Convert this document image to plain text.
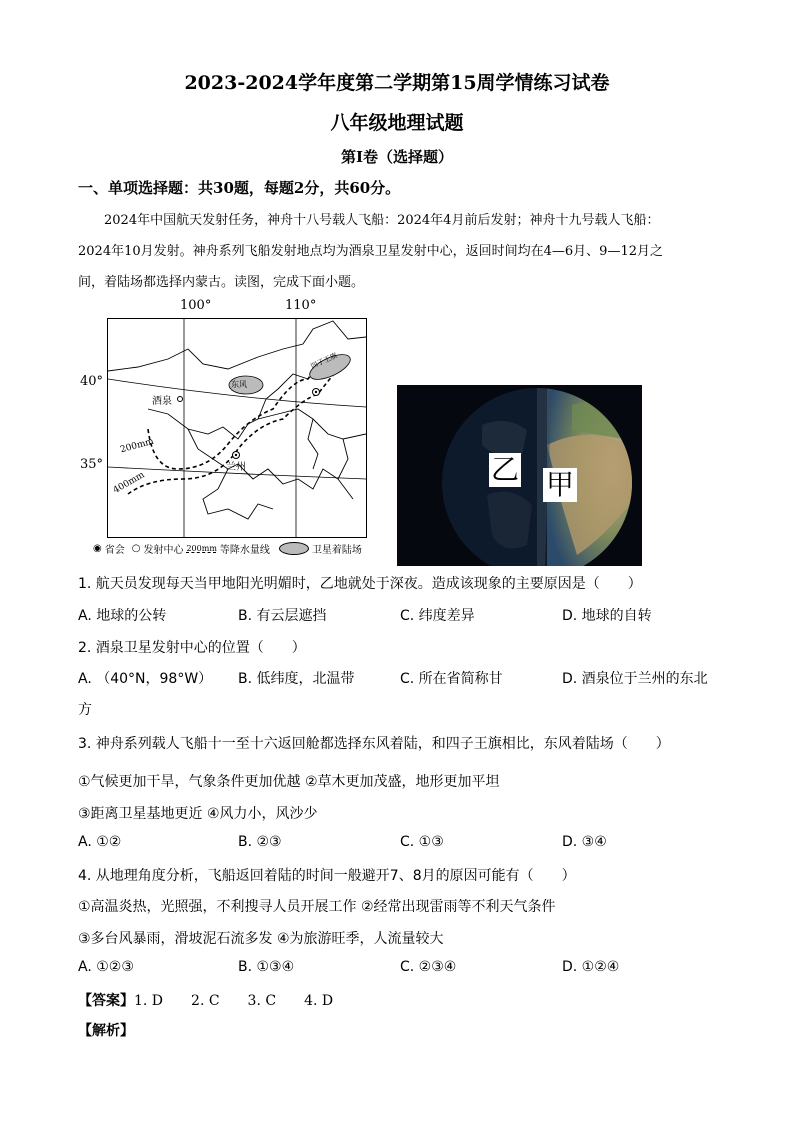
2023-2024学年度第二学期第15周学情练习试卷
八年级地理试题
第Ⅰ卷（选择题）
一、单项选择题：共30题，每题2分，共60分。
2024年中国航天发射任务，神舟十八号载人飞船：2024年4月前后发射；神舟十九号载人飞船：
2024年10月发射。神舟系列飞船发射地点均为酒泉卫星发射中心，返回时间均在4—6月、9—12月之
间，着陆场都选择内蒙古。读图，完成下面小题。
100°	110°
40°
35°
东风
四子王旗
酒泉
兰州
200mm
400mm
◉ 省会 ○ 发射中心 200mm 等降水量线	卫星着陆场
乙 甲
1. 航天员发现每天当甲地阳光明媚时，乙地就处于深夜。造成该现象的主要原因是（　　）
A. 地球的公转	B. 有云层遮挡	C. 纬度差异	D. 地球的自转
2. 酒泉卫星发射中心的位置（　　）
A. （40°N，98°W） B. 低纬度，北温带	C. 所在省简称甘	D. 酒泉位于兰州的东北
方
3. 神舟系列载人飞船十一至十六返回舱都选择东风着陆，和四子王旗相比，东风着陆场（　　）
①气候更加干旱，气象条件更加优越 ②草木更加茂盛，地形更加平坦
③距离卫星基地更近 ④风力小，风沙少
A. ①②	B. ②③	C. ①③	D. ③④
4. 从地理角度分析，飞船返回着陆的时间一般避开7、8月的原因可能有（　　）
①高温炎热，光照强，不利搜寻人员开展工作 ②经常出现雷雨等不利天气条件
③多台风暴雨，滑坡泥石流多发 ④为旅游旺季，人流量较大
A. ①②③	B. ①③④	C. ②③④	D. ①②④
【答案】1. D　　2. C　　3. C　　4. D
【解析】
